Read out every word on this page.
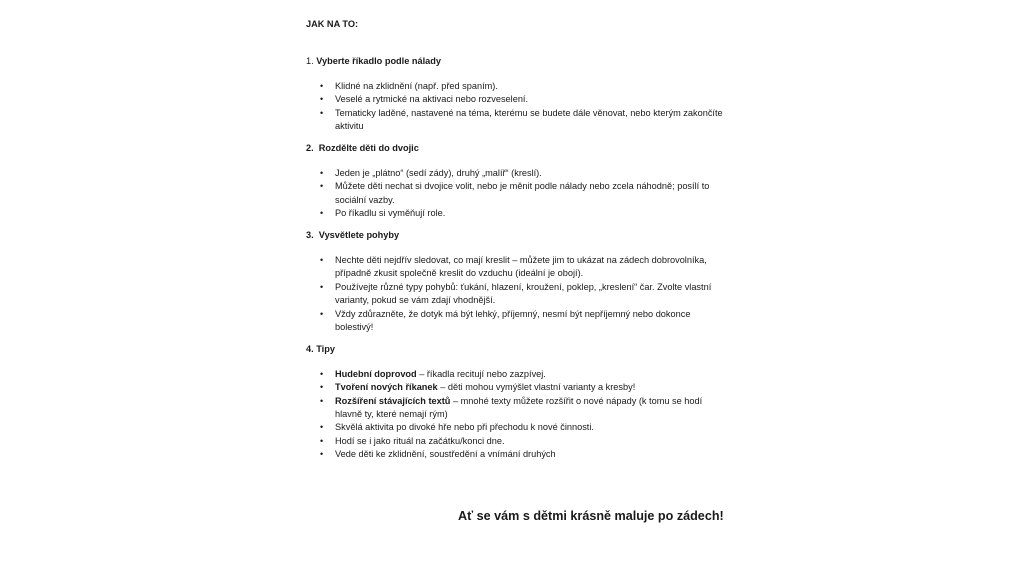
JAK NA TO:
1. Vyberte říkadlo podle nálady
• Klidné na zklidnění (např. před spaním).
• Veselé a rytmické na aktivaci nebo rozveselení.
• Tematicky laděné, nastavené na téma, kterému se budete dále věnovat, nebo kterým zakončíte aktivitu
2. Rozdělte děti do dvojic
• Jeden je „plátno“ (sedí zády), druhý „malíř“ (kreslí).
• Můžete děti nechat si dvojice volit, nebo je měnit podle nálady nebo zcela náhodně; posílí to sociální vazby.
• Po říkadlu si vyměňují role.
3. Vysvětlete pohyby
• Nechte děti nejdřív sledovat, co mají kreslit – můžete jim to ukázat na zádech dobrovolníka, případně zkusit společně kreslit do vzduchu (ideální je obojí).
• Používejte různé typy pohybů: ťukání, hlazení, kroužení, poklep, „kreslení“ čar. Zvolte vlastní varianty, pokud se vám zdají vhodnější.
• Vždy zdůrazněte, že dotyk má být lehký, příjemný, nesmí být nepříjemný nebo dokonce bolestivý!
4. Tipy
• Hudební doprovod – říkadla recitují nebo zazpívej.
• Tvoření nových říkanek – děti mohou vymýšlet vlastní varianty a kresby!
• Rozšíření stávajících textů – mnohé texty můžete rozšířit o nové nápady (k tomu se hodí hlavně ty, které nemají rým)
• Skvělá aktivita po divoké hře nebo při přechodu k nové činnosti.
• Hodí se i jako rituál na začátku/konci dne.
• Vede děti ke zklidnění, soustředění a vnímání druhých
Ať se vám s dětmi krásně maluje po zádech!
